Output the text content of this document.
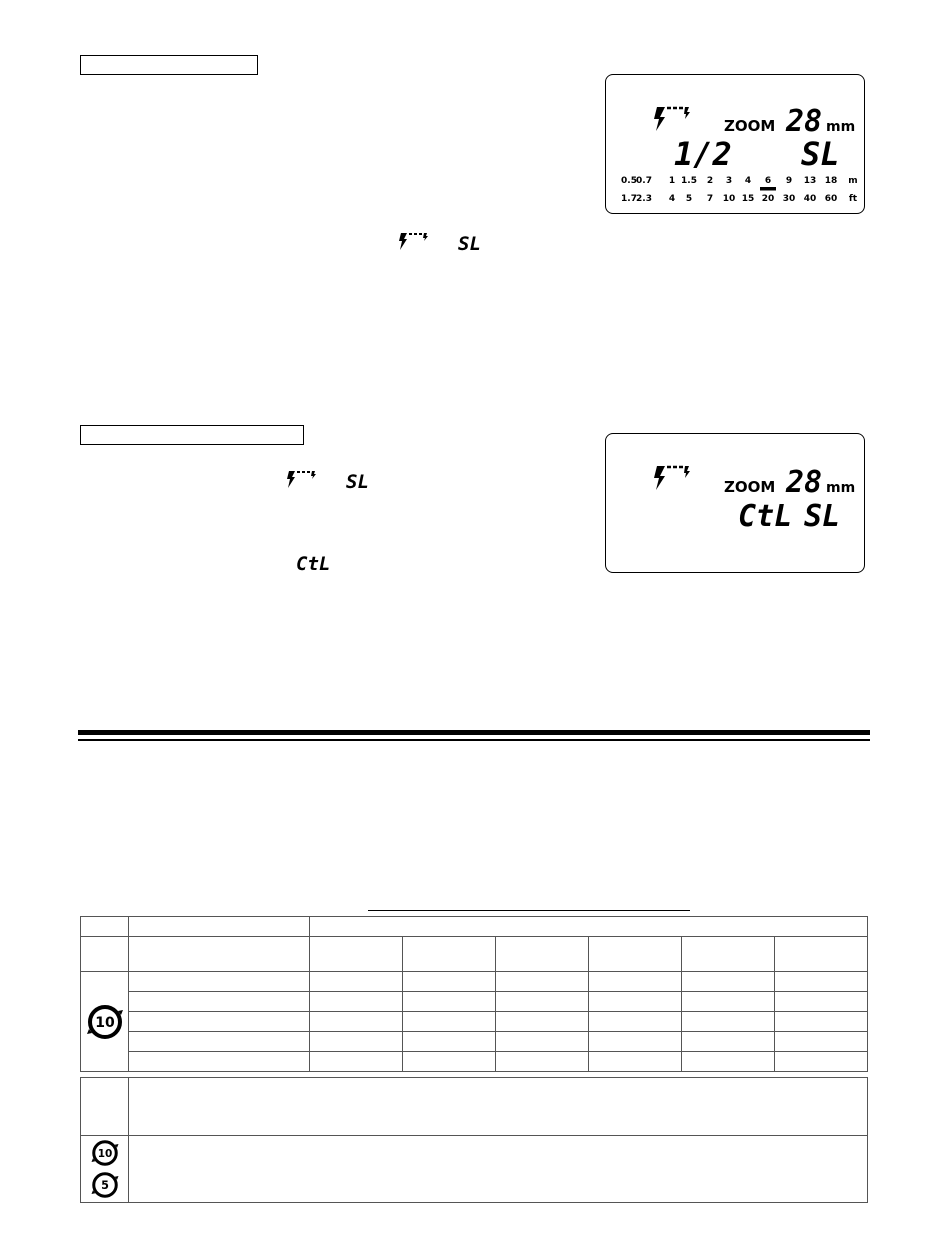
ZOOM 28 mm
1/2 SL
0.5 0.7 1 1.5 2 3 4 6 9 13 18 m
1.7 2.3 4 5 7 10 15 20 30 40 60 ft
SL
ZOOM 28 mm
CtL SL
SL
CtL

10							

10
5	
